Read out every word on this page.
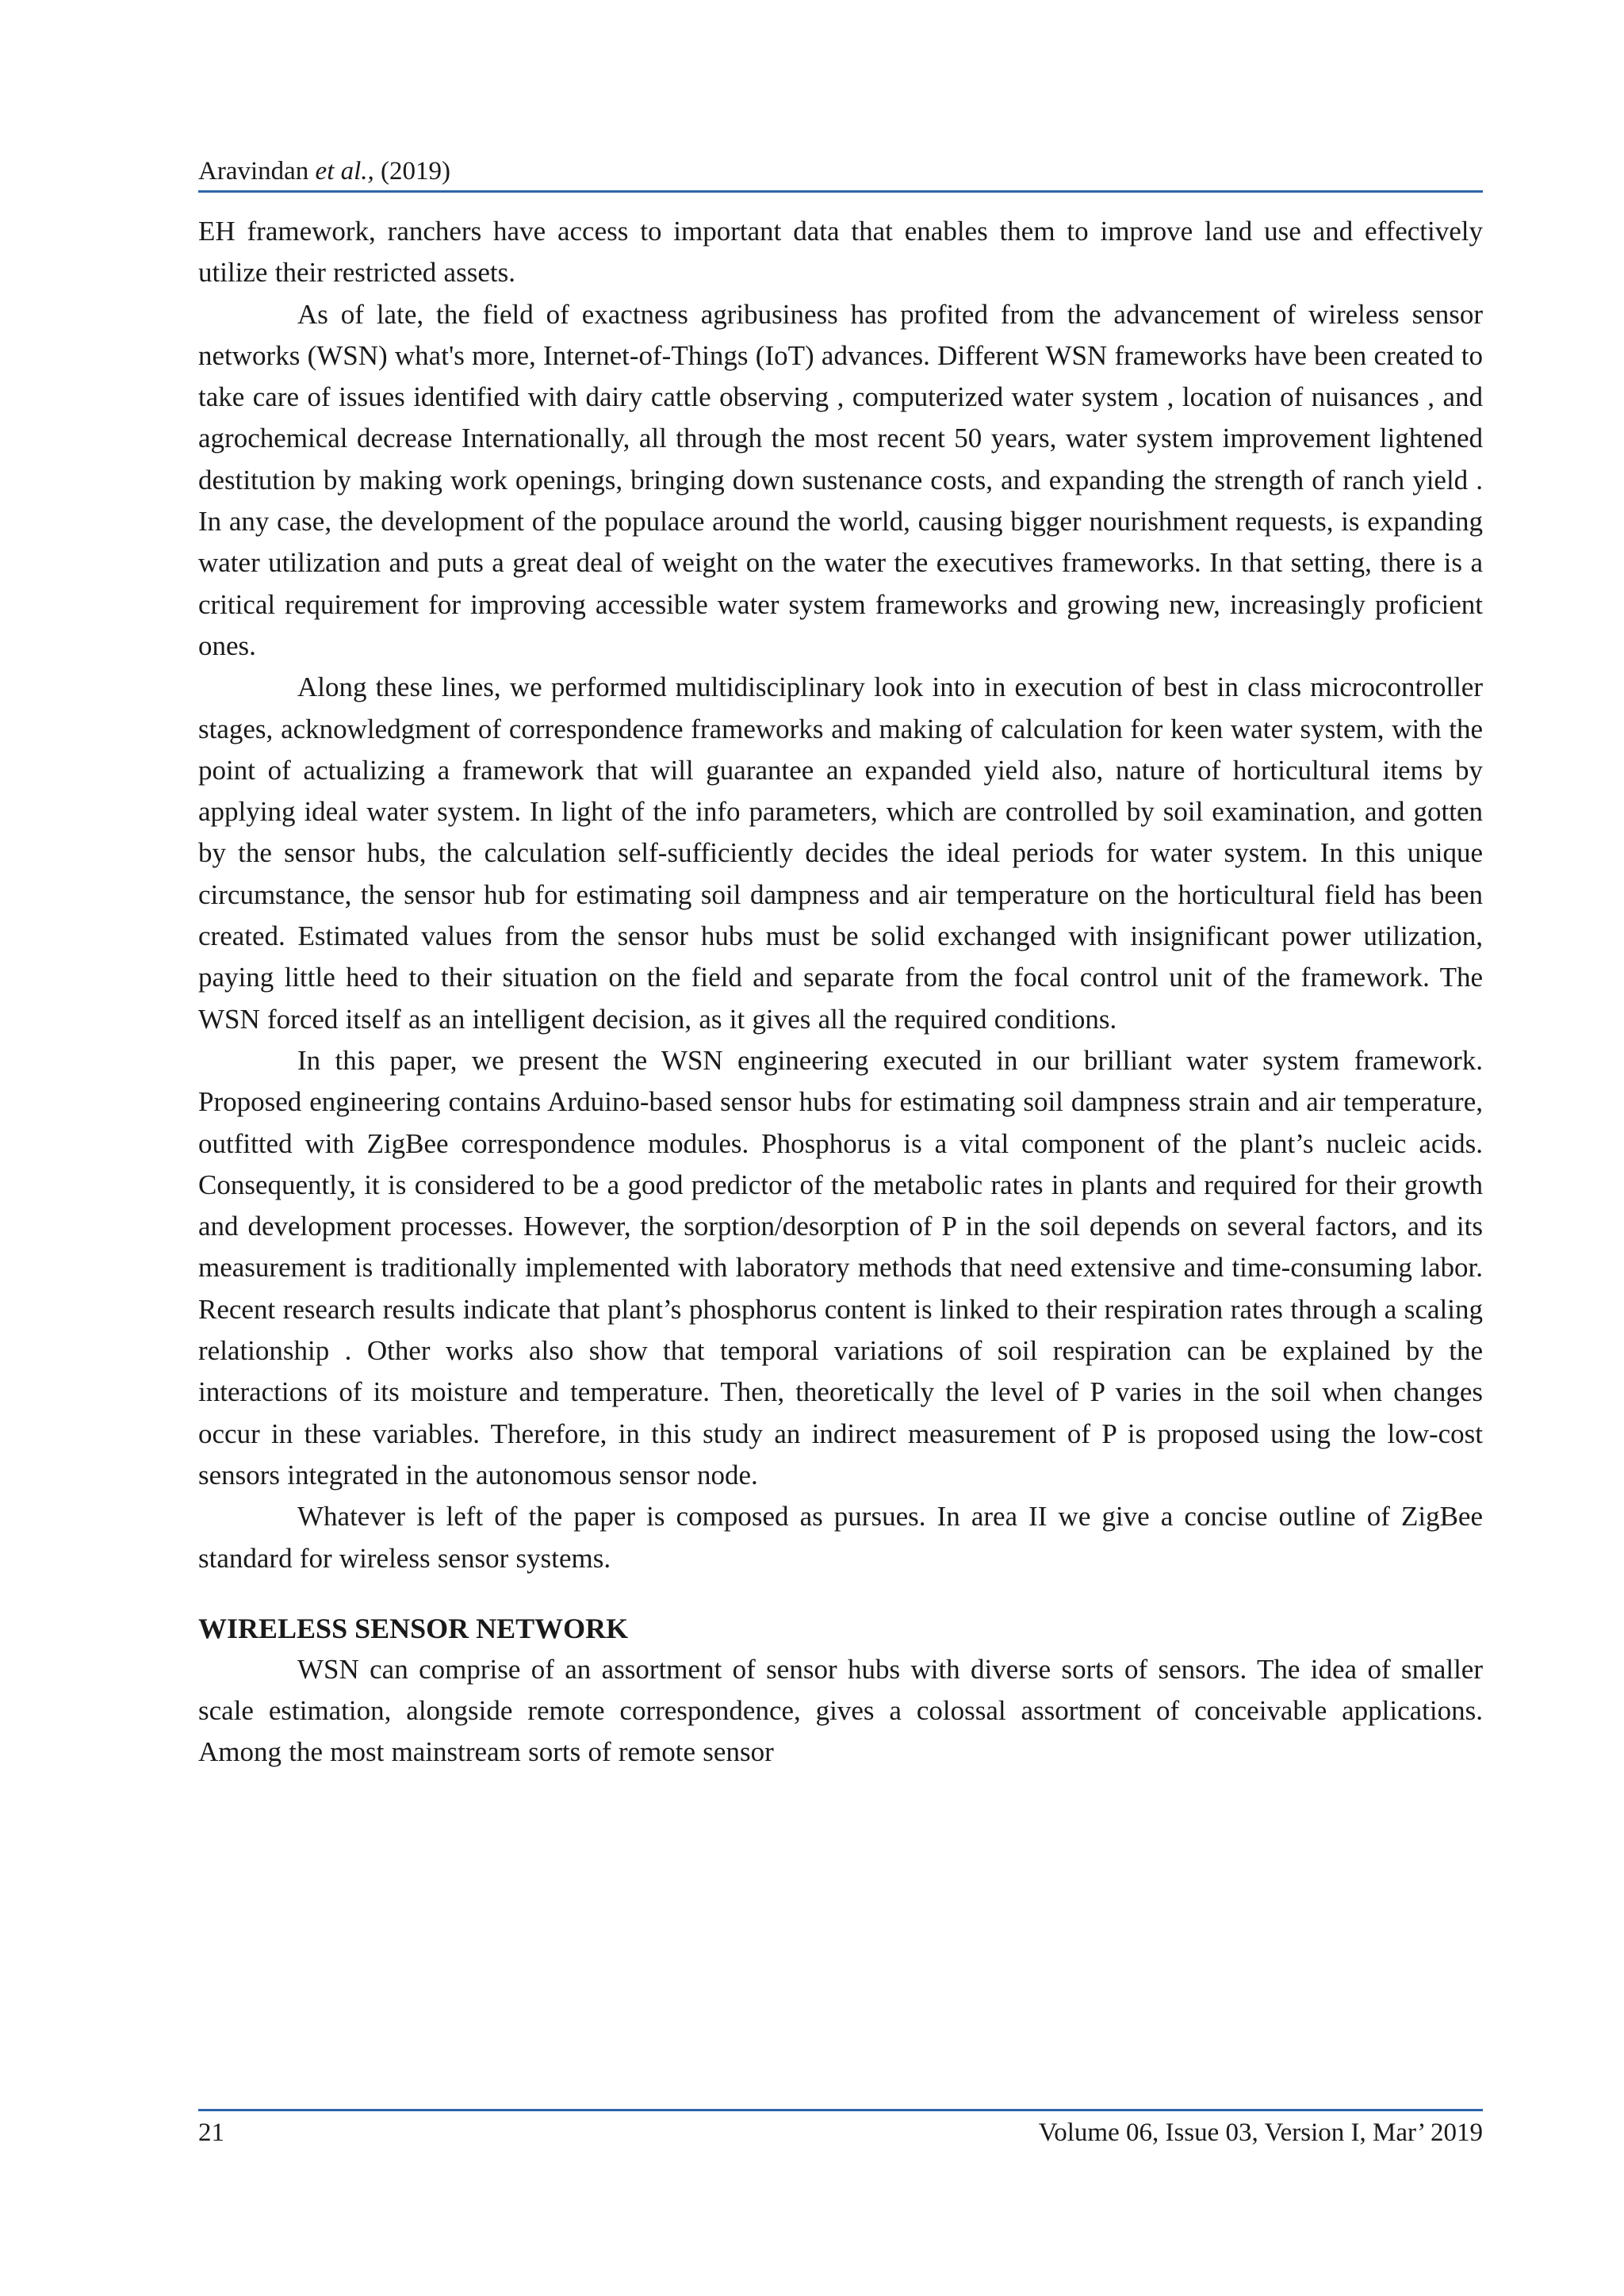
Aravindan et al., (2019)

EH framework, ranchers have access to important data that enables them to improve land use and effectively utilize their restricted assets.

As of late, the field of exactness agribusiness has profited from the advancement of wireless sensor networks (WSN) what's more, Internet-of-Things (IoT) advances. Different WSN frameworks have been created to take care of issues identified with dairy cattle observing , computerized water system , location of nuisances , and agrochemical decrease Internationally, all through the most recent 50 years, water system improvement lightened destitution by making work openings, bringing down sustenance costs, and expanding the strength of ranch yield . In any case, the development of the populace around the world, causing bigger nourishment requests, is expanding water utilization and puts a great deal of weight on the water the executives frameworks. In that setting, there is a critical requirement for improving accessible water system frameworks and growing new, increasingly proficient ones.

Along these lines, we performed multidisciplinary look into in execution of best in class microcontroller stages, acknowledgment of correspondence frameworks and making of calculation for keen water system, with the point of actualizing a framework that will guarantee an expanded yield also, nature of horticultural items by applying ideal water system. In light of the info parameters, which are controlled by soil examination, and gotten by the sensor hubs, the calculation self-sufficiently decides the ideal periods for water system. In this unique circumstance, the sensor hub for estimating soil dampness and air temperature on the horticultural field has been created. Estimated values from the sensor hubs must be solid exchanged with insignificant power utilization, paying little heed to their situation on the field and separate from the focal control unit of the framework. The WSN forced itself as an intelligent decision, as it gives all the required conditions.

In this paper, we present the WSN engineering executed in our brilliant water system framework. Proposed engineering contains Arduino-based sensor hubs for estimating soil dampness strain and air temperature, outfitted with ZigBee correspondence modules. Phosphorus is a vital component of the plant’s nucleic acids. Consequently, it is considered to be a good predictor of the metabolic rates in plants and required for their growth and development processes. However, the sorption/desorption of P in the soil depends on several factors, and its measurement is traditionally implemented with laboratory methods that need extensive and time-consuming labor. Recent research results indicate that plant’s phosphorus content is linked to their respiration rates through a scaling relationship . Other works also show that temporal variations of soil respiration can be explained by the interactions of its moisture and temperature. Then, theoretically the level of P varies in the soil when changes occur in these variables. Therefore, in this study an indirect measurement of P is proposed using the low-cost sensors integrated in the autonomous sensor node.

Whatever is left of the paper is composed as pursues. In area II we give a concise outline of ZigBee standard for wireless sensor systems.

WIRELESS SENSOR NETWORK

WSN can comprise of an assortment of sensor hubs with diverse sorts of sensors. The idea of smaller scale estimation, alongside remote correspondence, gives a colossal assortment of conceivable applications. Among the most mainstream sorts of remote sensor

21	Volume 06, Issue 03, Version I, Mar’ 2019
